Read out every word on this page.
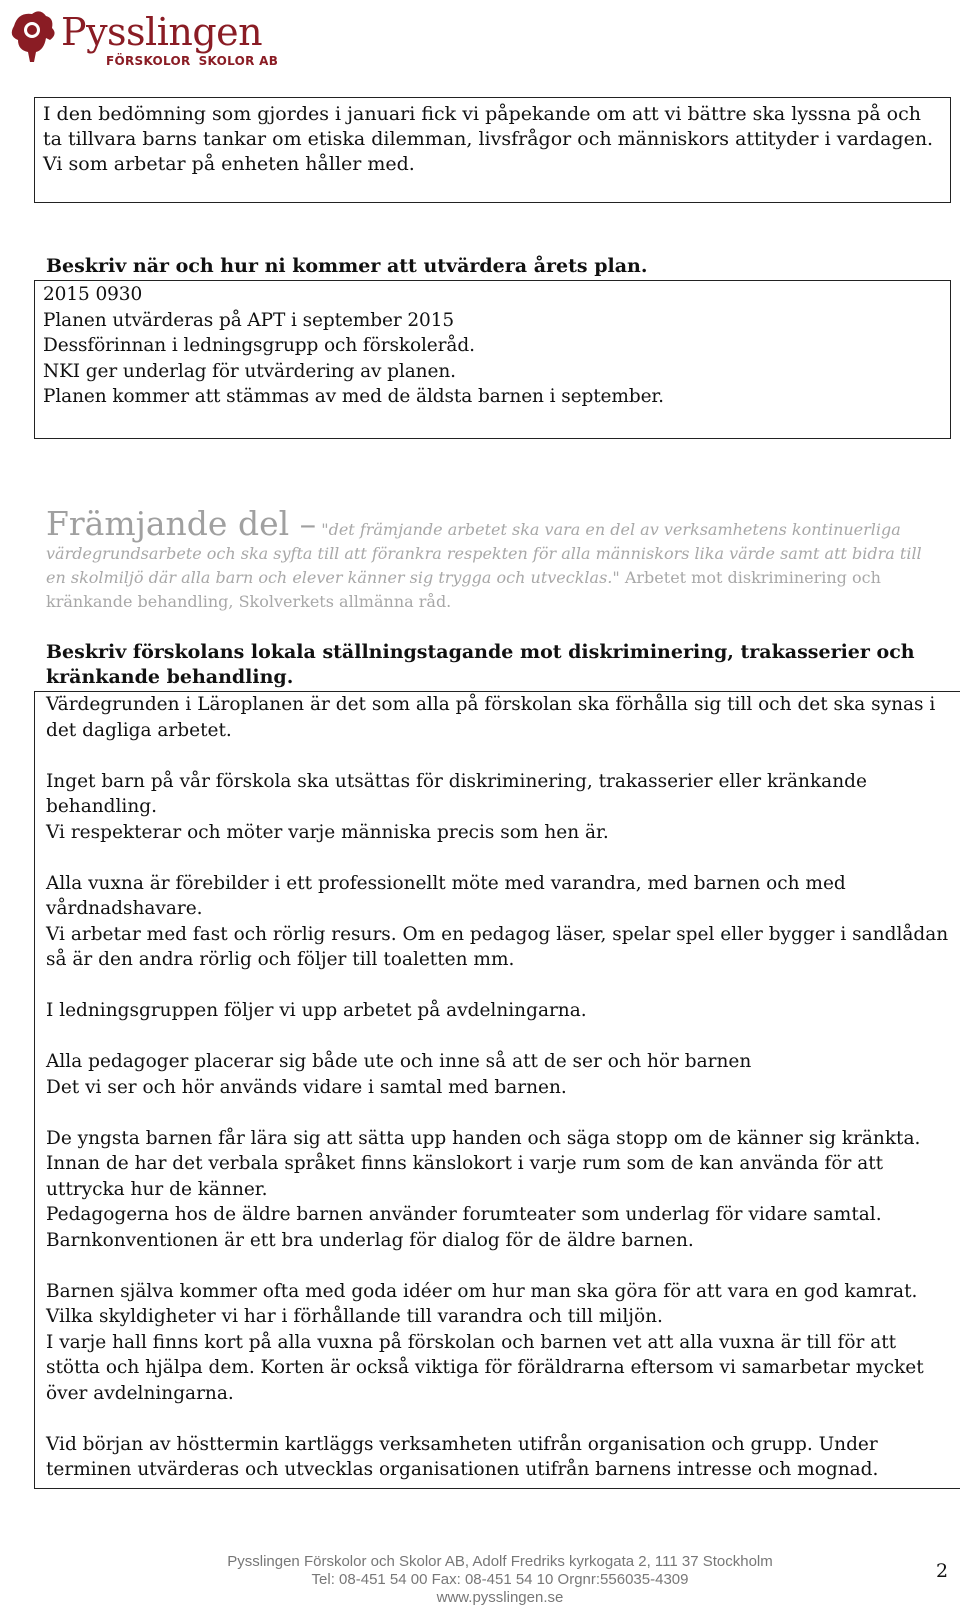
Pysslingen
FÖRSKOLOR SKOLOR AB

I den bedömning som gjordes i januari fick vi påpekande om att vi bättre ska lyssna på och ta tillvara barns tankar om etiska dilemman, livsfrågor och människors attityder i vardagen. Vi som arbetar på enheten håller med.

Beskriv när och hur ni kommer att utvärdera årets plan.

2015 0930

Planen utvärderas på APT i september 2015

Dessförinnan i ledningsgrupp och förskoleråd.

NKI ger underlag för utvärdering av planen.

Planen kommer att stämmas av med de äldsta barnen i september.

Främjande del – "det främjande arbetet ska vara en del av verksamhetens kontinuerliga värdegrundsarbete och ska syfta till att förankra respekten för alla människors lika värde samt att bidra till en skolmiljö där alla barn och elever känner sig trygga och utvecklas." Arbetet mot diskriminering och kränkande behandling, Skolverkets allmänna råd.
Beskriv förskolans lokala ställningstagande mot diskriminering, trakasserier och kränkande behandling.
Värdegrunden i Läroplanen är det som alla på förskolan ska förhålla sig till och det ska synas i det dagliga arbetet.
Inget barn på vår förskola ska utsättas för diskriminering, trakasserier eller kränkande behandling.
Vi respekterar och möter varje människa precis som hen är.
Alla vuxna är förebilder i ett professionellt möte med varandra, med barnen och med vårdnadshavare.
Vi arbetar med fast och rörlig resurs. Om en pedagog läser, spelar spel eller bygger i sandlådan så är den andra rörlig och följer till toaletten mm.
I ledningsgruppen följer vi upp arbetet på avdelningarna.
Alla pedagoger placerar sig både ute och inne så att de ser och hör barnen
Det vi ser och hör används vidare i samtal med barnen.
De yngsta barnen får lära sig att sätta upp handen och säga stopp om de känner sig kränkta. Innan de har det verbala språket finns känslokort i varje rum som de kan använda för att uttrycka hur de känner.
Pedagogerna hos de äldre barnen använder forumteater som underlag för vidare samtal.
Barnkonventionen är ett bra underlag för dialog för de äldre barnen.
Barnen själva kommer ofta med goda idéer om hur man ska göra för att vara en god kamrat.
Vilka skyldigheter vi har i förhållande till varandra och till miljön.
I varje hall finns kort på alla vuxna på förskolan och barnen vet att alla vuxna är till för att stötta och hjälpa dem. Korten är också viktiga för föräldrarna eftersom vi samarbetar mycket över avdelningarna.
Vid början av hösttermin kartläggs verksamheten utifrån organisation och grupp. Under terminen utvärderas och utvecklas organisationen utifrån barnens intresse och mognad.
Pysslingen Förskolor och Skolor AB, Adolf Fredriks kyrkogata 2, 111 37 Stockholm
Tel: 08-451 54 00 Fax: 08-451 54 10 Orgnr:556035-4309
www.pysslingen.se
2
